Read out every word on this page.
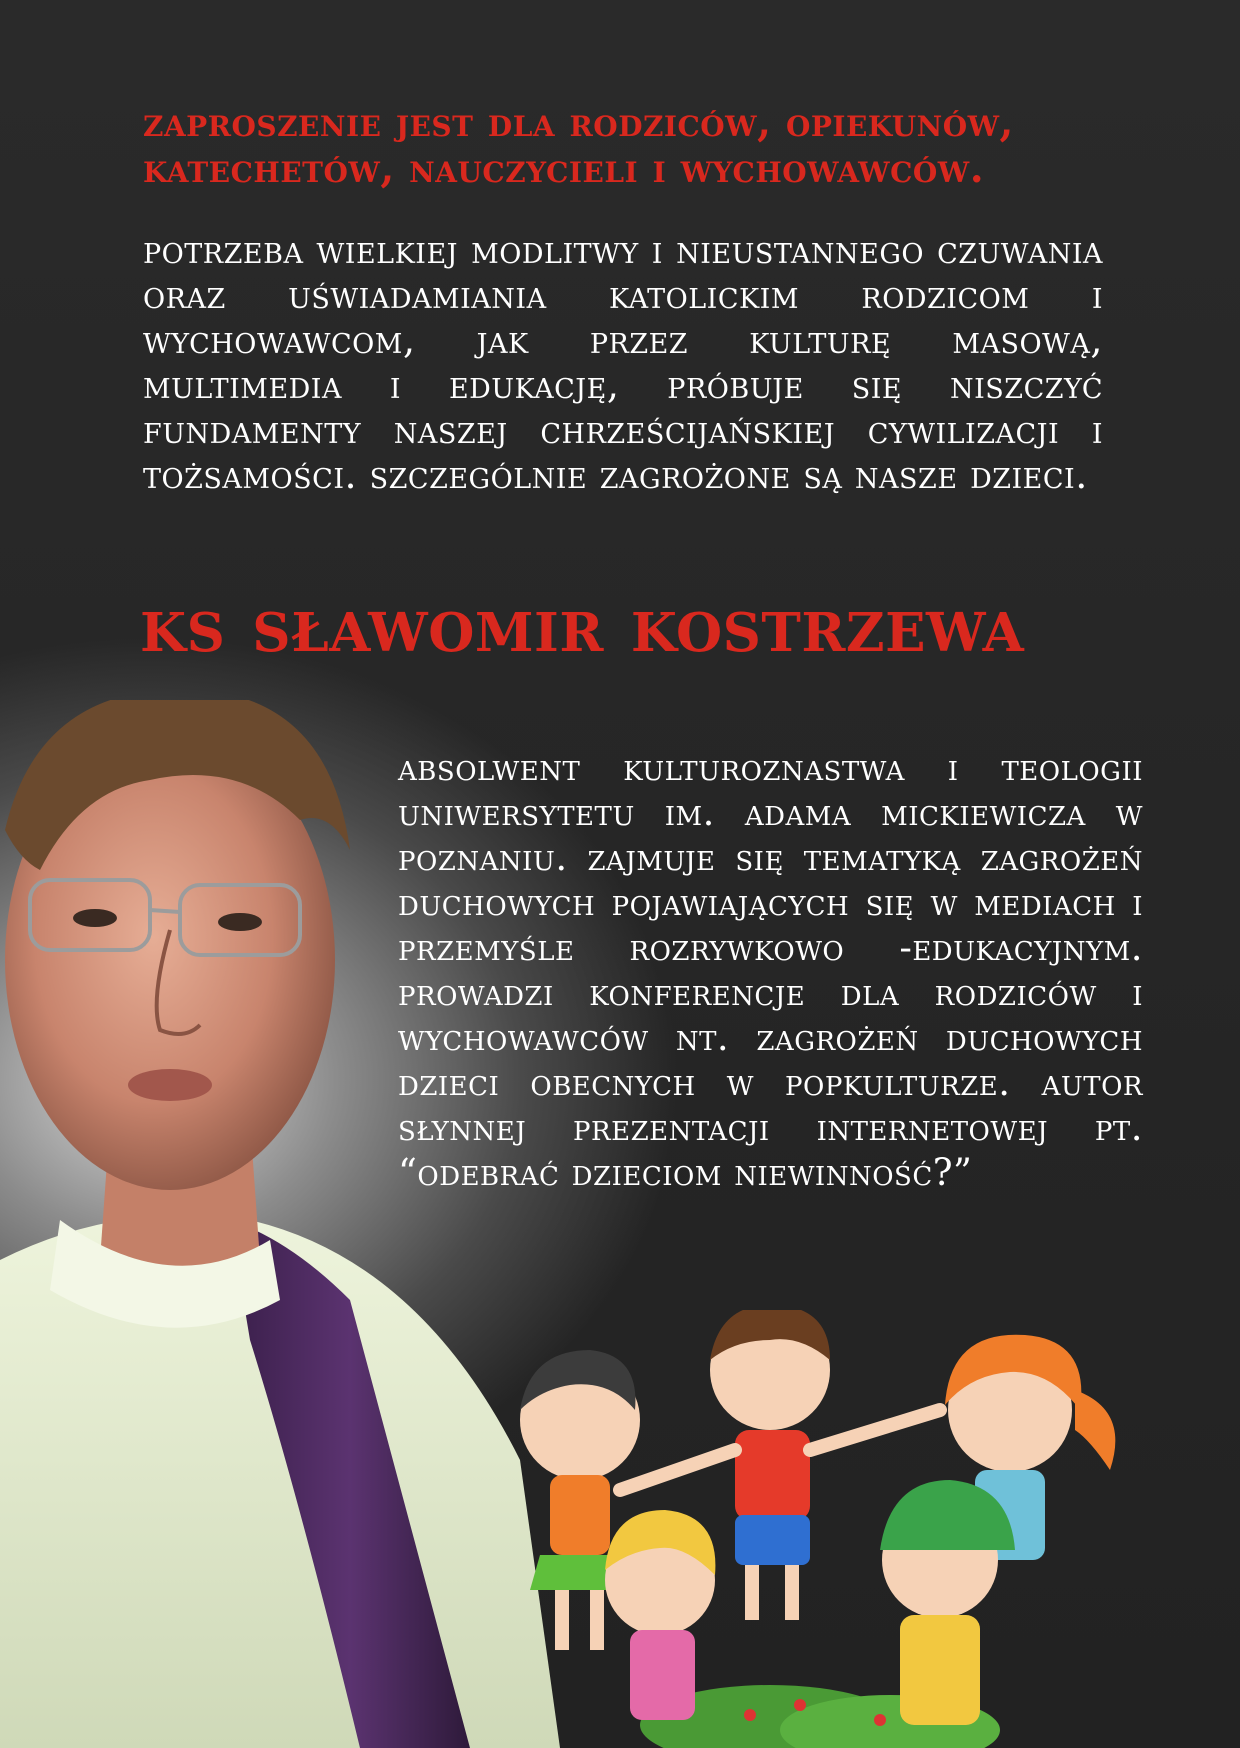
zaproszenie jest dla rodziców, opiekunów, katechetów, nauczycieli i wychowawców.

potrzeba wielkiej modlitwy i nieustannego czuwania oraz uświadamiania katolickim rodzicom i wychowawcom, jak przez kulturę masową, multimedia i edukację, próbuje się niszczyć fundamenty naszej chrześcijańskiej cywilizacji i tożsamości. szczególnie zagrożone są nasze dzieci.

ks sławomir kostrzewa

absolwent kulturoznastwa i teologii uniwersytetu im. adama mickiewicza w poznaniu. zajmuje się tematyką zagrożeń duchowych pojawiających się w mediach i przemyśle rozrywkowo -edukacyjnym. prowadzi konferencje dla rodziców i wychowawców nt. zagrożeń duchowych dzieci obecnych w popkulturze. autor słynnej prezentacji internetowej pt. “odebrać dzieciom niewinność?”
